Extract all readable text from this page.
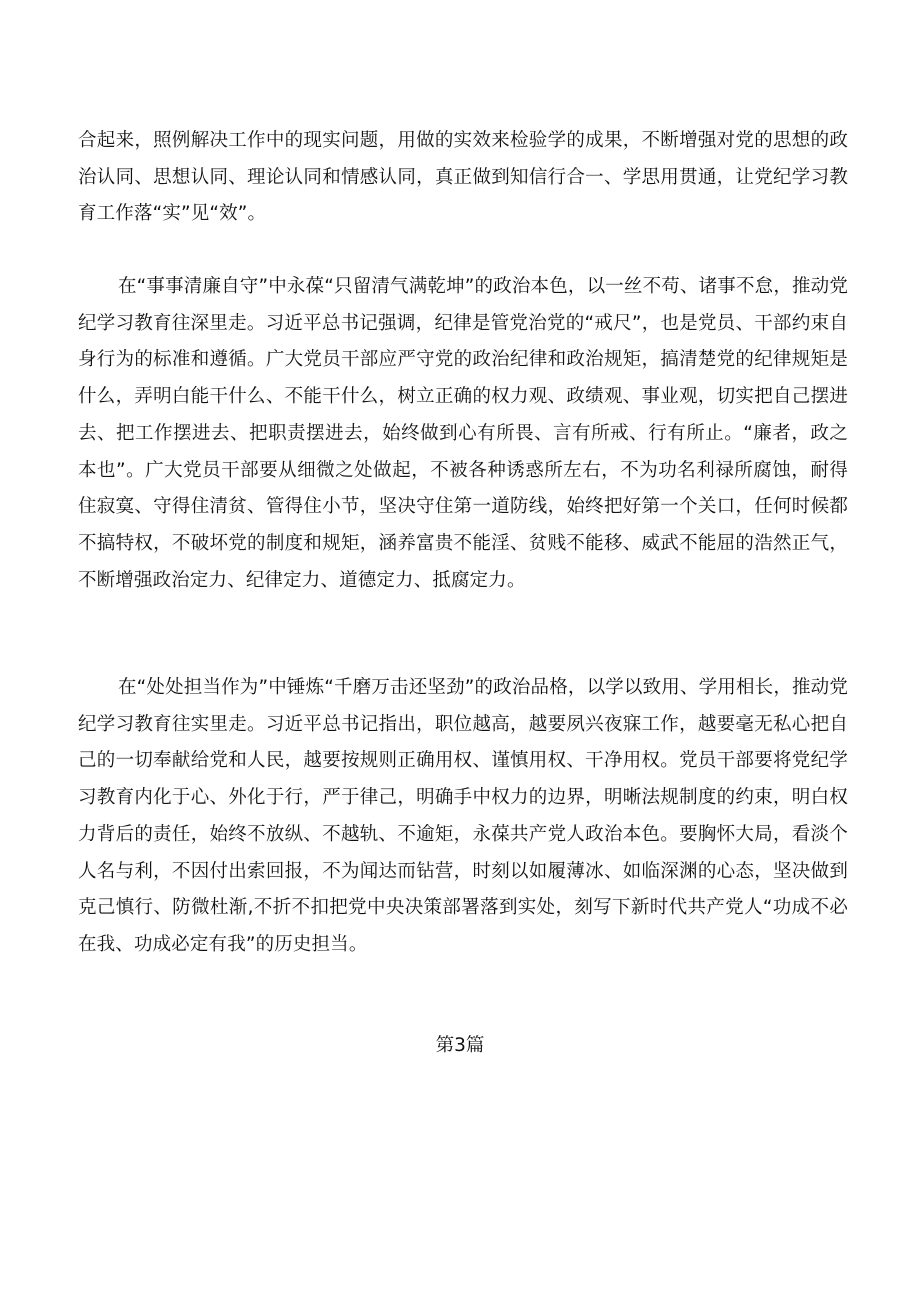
合起来，照例解决工作中的现实问题，用做的实效来检验学的成果，不断增强对党的思想的政治认同、思想认同、理论认同和情感认同，真正做到知信行合一、学思用贯通，让党纪学习教育工作落“实”见“效”。

在“事事清廉自守”中永葆“只留清气满乾坤”的政治本色，以一丝不苟、诸事不怠，推动党纪学习教育往深里走。习近平总书记强调，纪律是管党治党的“戒尺”，也是党员、干部约束自身行为的标准和遵循。广大党员干部应严守党的政治纪律和政治规矩，搞清楚党的纪律规矩是什么，弄明白能干什么、不能干什么，树立正确的权力观、政绩观、事业观，切实把自己摆进去、把工作摆进去、把职责摆进去，始终做到心有所畏、言有所戒、行有所止。“廉者，政之本也”。广大党员干部要从细微之处做起，不被各种诱惑所左右，不为功名利禄所腐蚀，耐得住寂寞、守得住清贫、管得住小节，坚决守住第一道防线，始终把好第一个关口，任何时候都不搞特权，不破坏党的制度和规矩，涵养富贵不能淫、贫贱不能移、威武不能屈的浩然正气，不断增强政治定力、纪律定力、道德定力、抵腐定力。

在“处处担当作为”中锤炼“千磨万击还坚劲”的政治品格，以学以致用、学用相长，推动党纪学习教育往实里走。习近平总书记指出，职位越高，越要夙兴夜寐工作，越要毫无私心把自己的一切奉献给党和人民，越要按规则正确用权、谨慎用权、干净用权。党员干部要将党纪学习教育内化于心、外化于行，严于律己，明确手中权力的边界，明晰法规制度的约束，明白权力背后的责任，始终不放纵、不越轨、不逾矩，永葆共产党人政治本色。要胸怀大局，看淡个人名与利，不因付出索回报，不为闻达而钻营，时刻以如履薄冰、如临深渊的心态，坚决做到克己慎行、防微杜渐,不折不扣把党中央决策部署落到实处，刻写下新时代共产党人“功成不必在我、功成必定有我”的历史担当。

第3篇
